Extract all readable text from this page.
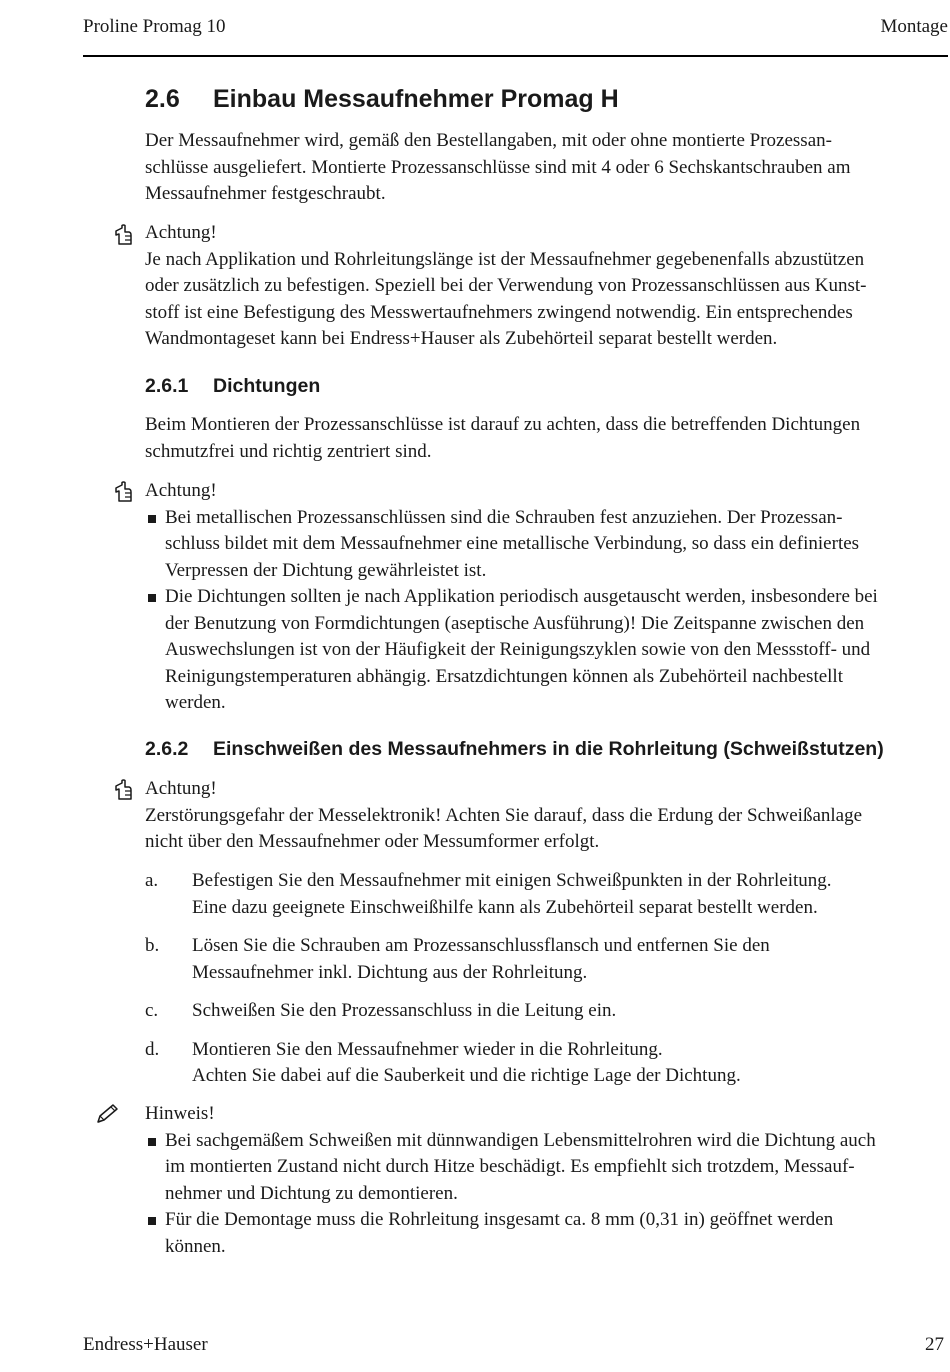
Proline Promag 10	Montage
2.6 Einbau Messaufnehmer Promag H

Der Messaufnehmer wird, gemäß den Bestellangaben, mit oder ohne montierte Prozessan-

schlüsse ausgeliefert. Montierte Prozessanschlüsse sind mit 4 oder 6 Sechskantschrauben am

Messaufnehmer festgeschraubt.

Achtung!

Je nach Applikation und Rohrleitungslänge ist der Messaufnehmer gegebenenfalls abzustützen

oder zusätzlich zu befestigen. Speziell bei der Verwendung von Prozessanschlüssen aus Kunst-

stoff ist eine Befestigung des Messwertaufnehmers zwingend notwendig. Ein entsprechendes

Wandmontageset kann bei Endress+Hauser als Zubehörteil separat bestellt werden.

2.6.1 Dichtungen

Beim Montieren der Prozessanschlüsse ist darauf zu achten, dass die betreffenden Dichtungen

schmutzfrei und richtig zentriert sind.

Achtung!

Bei metallischen Prozessanschlüssen sind die Schrauben fest anzuziehen. Der Prozessan-
schluss bildet mit dem Messaufnehmer eine metallische Verbindung, so dass ein definiertes
Verpressen der Dichtung gewährleistet ist.
Die Dichtungen sollten je nach Applikation periodisch ausgetauscht werden, insbesondere bei
der Benutzung von Formdichtungen (aseptische Ausführung)! Die Zeitspanne zwischen den
Auswechslungen ist von der Häufigkeit der Reinigungszyklen sowie von den Messstoff- und
Reinigungstemperaturen abhängig. Ersatzdichtungen können als Zubehörteil nachbestellt
werden.
2.6.2 Einschweißen des Messaufnehmers in die Rohrleitung (Schweißstutzen)

Achtung!

Zerstörungsgefahr der Messelektronik! Achten Sie darauf, dass die Erdung der Schweißanlage

nicht über den Messaufnehmer oder Messumformer erfolgt.

a. Befestigen Sie den Messaufnehmer mit einigen Schweißpunkten in der Rohrleitung.
Eine dazu geeignete Einschweißhilfe kann als Zubehörteil separat bestellt werden.
b. Lösen Sie die Schrauben am Prozessanschlussflansch und entfernen Sie den
Messaufnehmer inkl. Dichtung aus der Rohrleitung.
c. Schweißen Sie den Prozessanschluss in die Leitung ein.
d. Montieren Sie den Messaufnehmer wieder in die Rohrleitung.
Achten Sie dabei auf die Sauberkeit und die richtige Lage der Dichtung.

Hinweis!

Bei sachgemäßem Schweißen mit dünnwandigen Lebensmittelrohren wird die Dichtung auch
im montierten Zustand nicht durch Hitze beschädigt. Es empfiehlt sich trotzdem, Messauf-
nehmer und Dichtung zu demontieren.
Für die Demontage muss die Rohrleitung insgesamt ca. 8 mm (0,31 in) geöffnet werden
können.
Endress+Hauser	27
